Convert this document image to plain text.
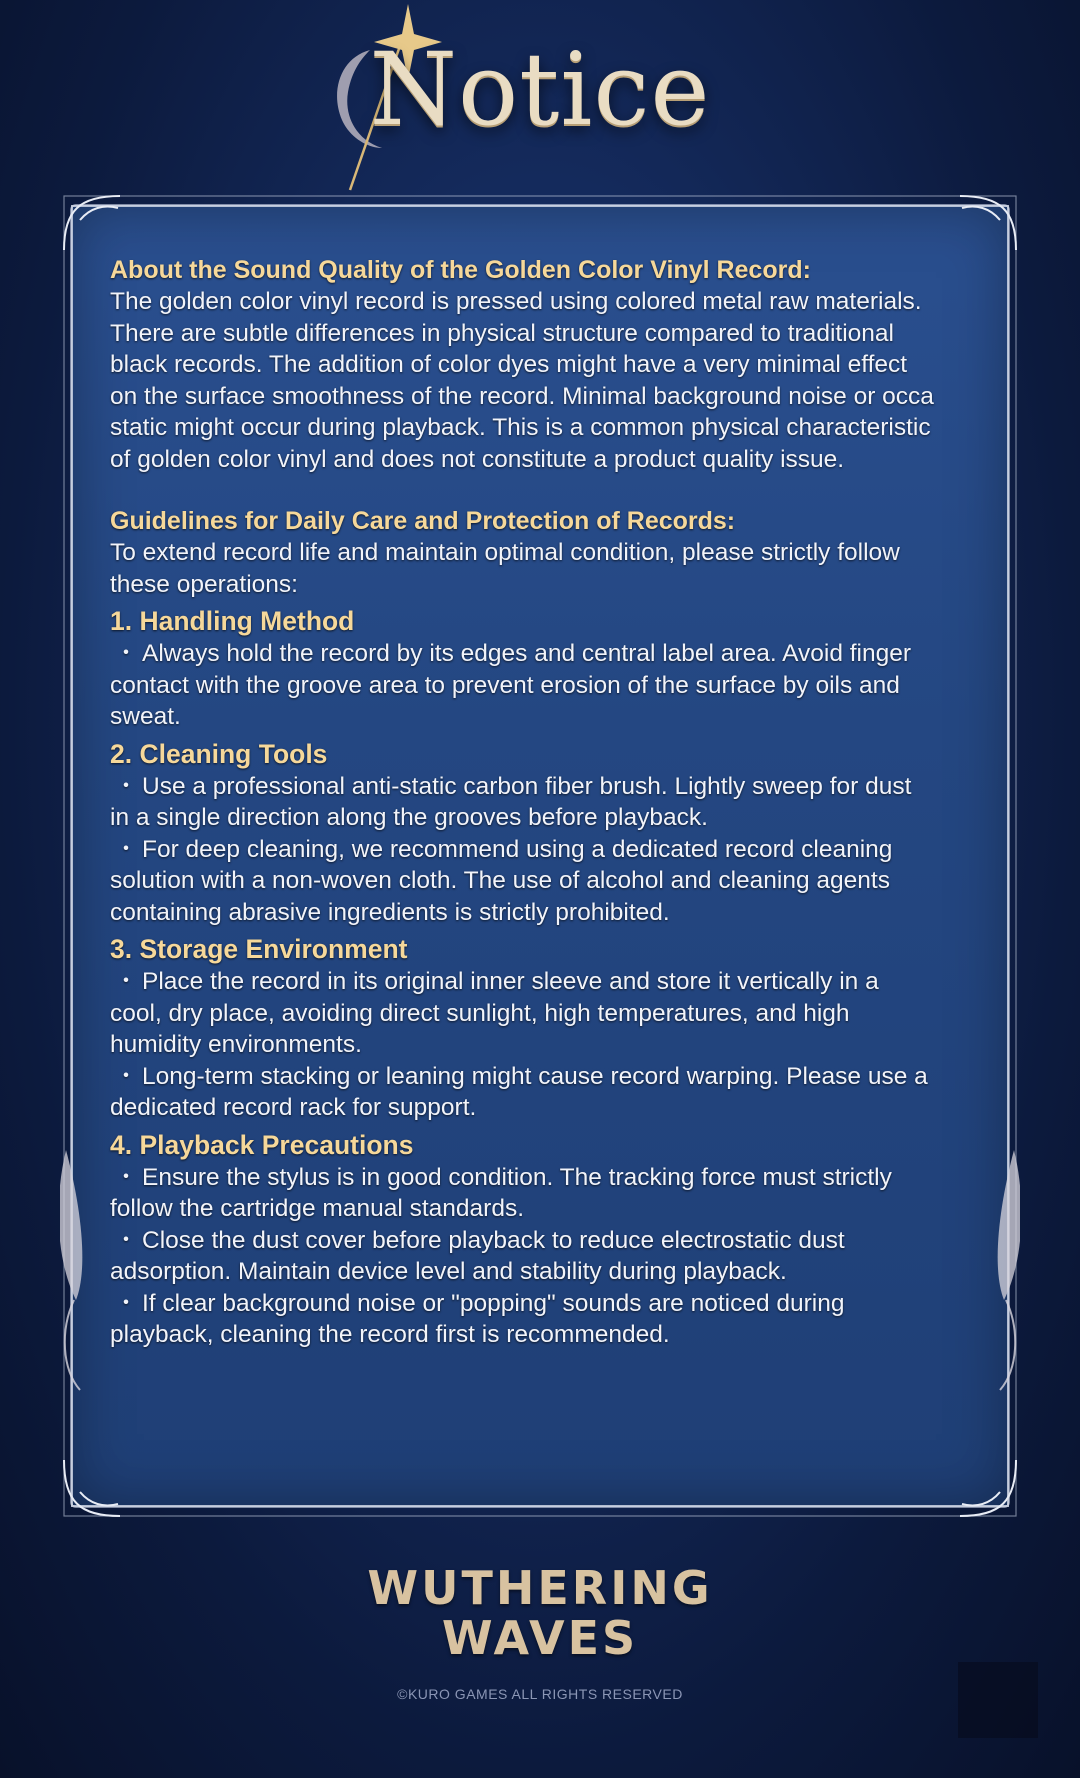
Notice
About the Sound Quality of the Golden Color Vinyl Record:
The golden color vinyl record is pressed using colored metal raw materials.
There are subtle differences in physical structure compared to traditional
black records. The addition of color dyes might have a very minimal effect
on the surface smoothness of the record. Minimal background noise or occa
static might occur during playback. This is a common physical characteristic
of golden color vinyl and does not constitute a product quality issue.
Guidelines for Daily Care and Protection of Records:
To extend record life and maintain optimal condition, please strictly follow
these operations:
1. Handling Method
・ Always hold the record by its edges and central label area. Avoid finger
contact with the groove area to prevent erosion of the surface by oils and
sweat.
2. Cleaning Tools
・ Use a professional anti-static carbon fiber brush. Lightly sweep for dust
in a single direction along the grooves before playback.
・ For deep cleaning, we recommend using a dedicated record cleaning
solution with a non-woven cloth. The use of alcohol and cleaning agents
containing abrasive ingredients is strictly prohibited.
3. Storage Environment
・ Place the record in its original inner sleeve and store it vertically in a
cool, dry place, avoiding direct sunlight, high temperatures, and high
humidity environments.
・ Long-term stacking or leaning might cause record warping. Please use a
dedicated record rack for support.
4. Playback Precautions
・ Ensure the stylus is in good condition. The tracking force must strictly
follow the cartridge manual standards.
・ Close the dust cover before playback to reduce electrostatic dust
adsorption. Maintain device level and stability during playback.
・ If clear background noise or "popping" sounds are noticed during
playback, cleaning the record first is recommended.
WUTHERING
WAVES
©KURO GAMES ALL RIGHTS RESERVED
